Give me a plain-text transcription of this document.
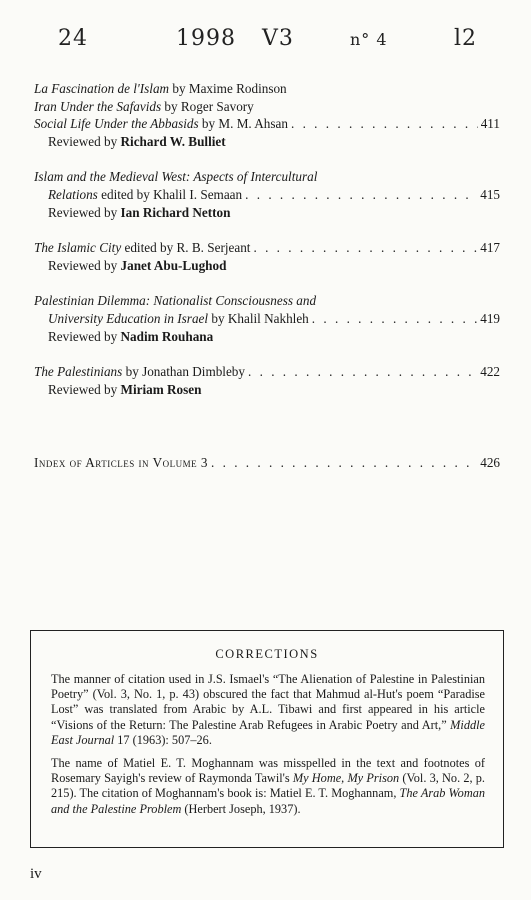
24	1998 V3	n° 4	l2
La Fascination de l'Islam by Maxime Rodinson
Iran Under the Safavids by Roger Savory
Social Life Under the Abbasids by M. M. Ahsan . . .	411
Reviewed by Richard W. Bulliet
Islam and the Medieval West: Aspects of Intercultural
Relations edited by Khalil I. Semaan . . .	415
Reviewed by Ian Richard Netton
The Islamic City edited by R. B. Serjeant . . .	417
Reviewed by Janet Abu-Lughod
Palestinian Dilemma: Nationalist Consciousness and
University Education in Israel by Khalil Nakhleh . . .	419
Reviewed by Nadim Rouhana
The Palestinians by Jonathan Dimbleby . . .	422
Reviewed by Miriam Rosen
Index of Articles in Volume 3 . . .	426
CORRECTIONS
The manner of citation used in J.S. Ismael's “The Alienation of Palestine in Palestinian Poetry” (Vol. 3, No. 1, p. 43) obscured the fact that Mahmud al-Hut's poem “Paradise Lost” was translated from Arabic by A.L. Tibawi and first appeared in his article “Visions of the Return: The Palestine Arab Refugees in Arabic Poetry and Art,” Middle East Journal 17 (1963): 507–26.
The name of Matiel E. T. Moghannam was misspelled in the text and footnotes of Rosemary Sayigh's review of Raymonda Tawil's My Home, My Prison (Vol. 3, No. 2, p. 215). The citation of Moghannam's book is: Matiel E. T. Moghannam, The Arab Woman and the Palestine Problem (Herbert Joseph, 1937).
iv
